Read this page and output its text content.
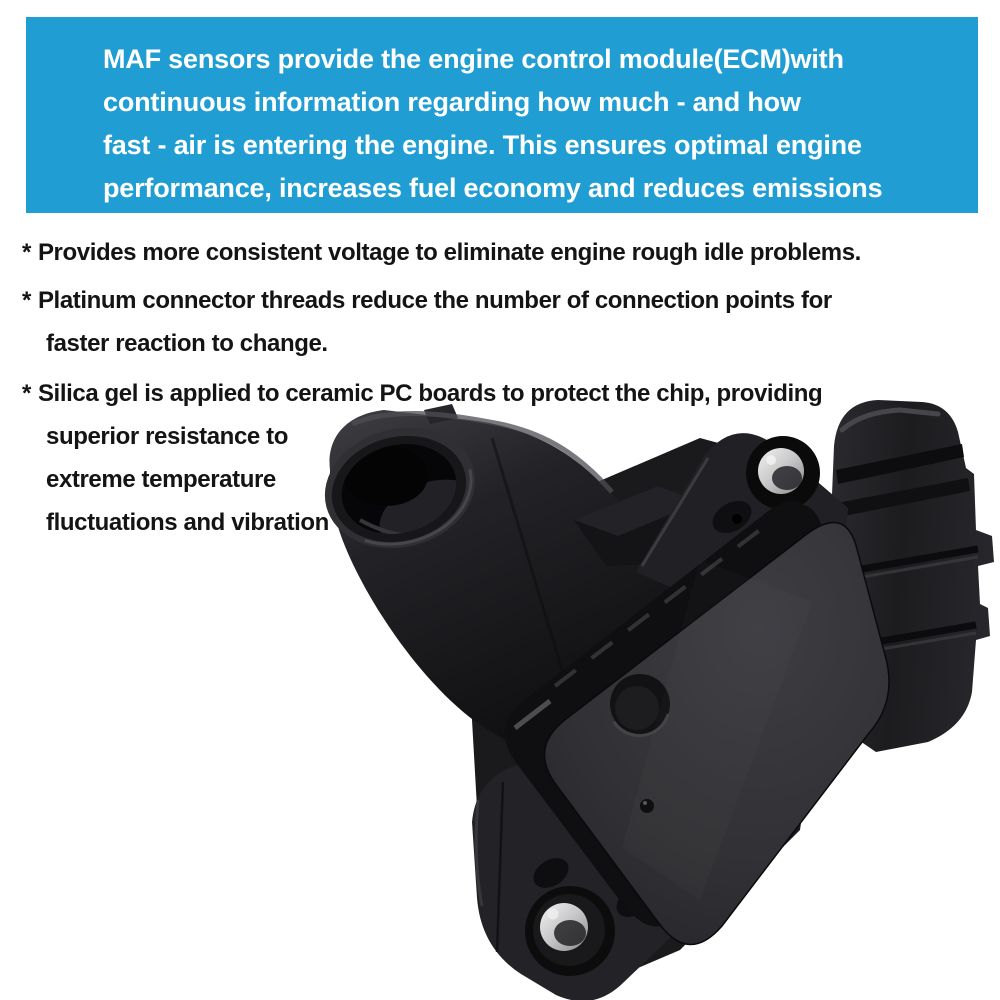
MAF sensors provide the engine control module(ECM)with
continuous information regarding how much - and how
fast - air is entering the engine. This ensures optimal engine
performance, increases fuel economy and reduces emissions
* Provides more consistent voltage to eliminate engine rough idle problems.
* Platinum connector threads reduce the number of connection points for
faster reaction to change.
* Silica gel is applied to ceramic PC boards to protect the chip, providing
superior resistance to
extreme temperature
fluctuations and vibration
